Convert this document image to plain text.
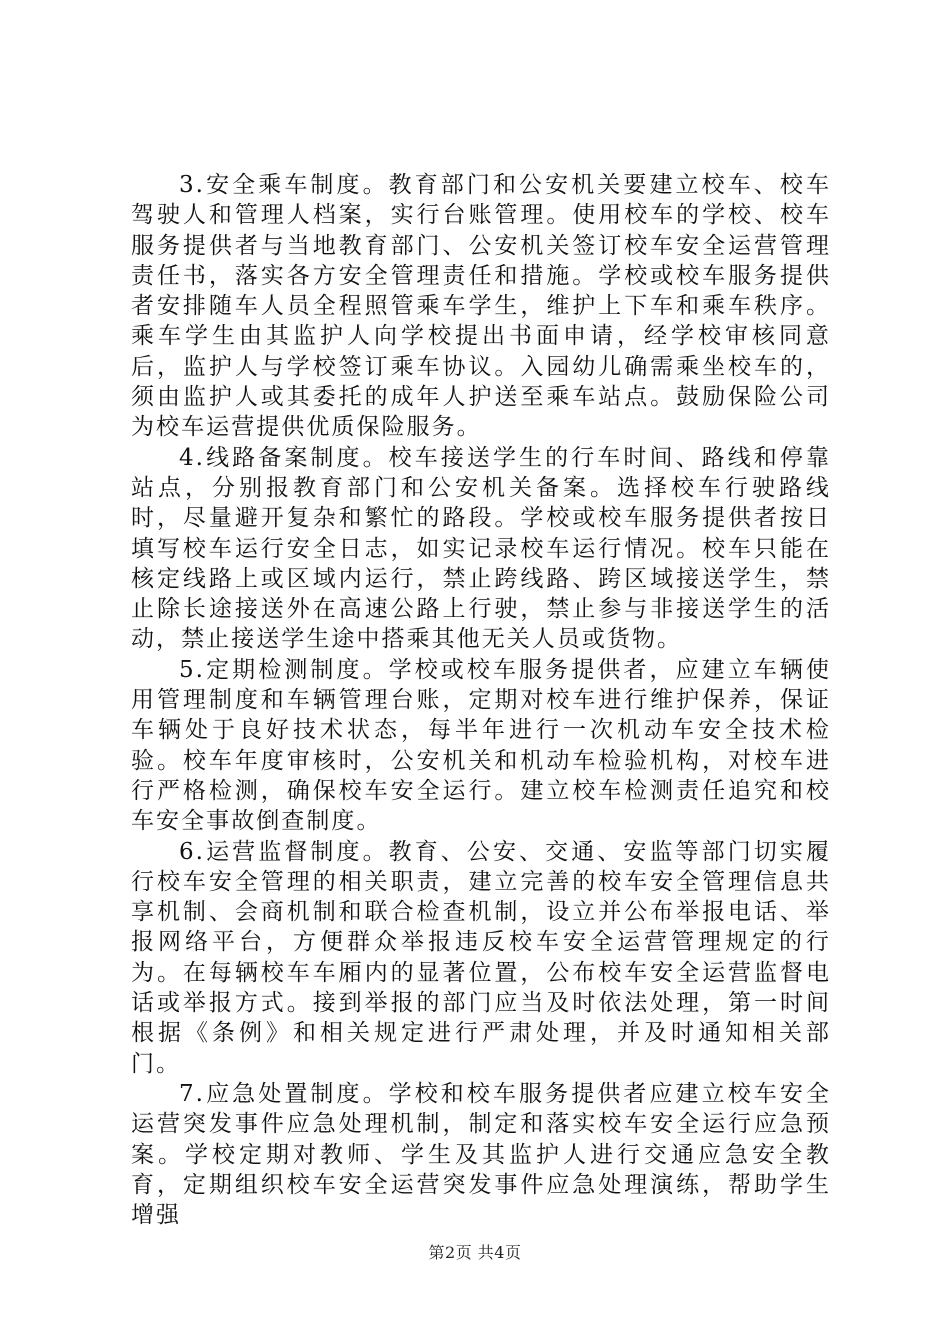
3.安全乘车制度。教育部门和公安机关要建立校车、校车驾驶人和管理人档案，实行台账管理。使用校车的学校、校车服务提供者与当地教育部门、公安机关签订校车安全运营管理责任书，落实各方安全管理责任和措施。学校或校车服务提供者安排随车人员全程照管乘车学生，维护上下车和乘车秩序。乘车学生由其监护人向学校提出书面申请，经学校审核同意后，监护人与学校签订乘车协议。入园幼儿确需乘坐校车的，须由监护人或其委托的成年人护送至乘车站点。鼓励保险公司为校车运营提供优质保险服务。

4.线路备案制度。校车接送学生的行车时间、路线和停靠站点，分别报教育部门和公安机关备案。选择校车行驶路线时，尽量避开复杂和繁忙的路段。学校或校车服务提供者按日填写校车运行安全日志，如实记录校车运行情况。校车只能在核定线路上或区域内运行，禁止跨线路、跨区域接送学生，禁止除长途接送外在高速公路上行驶，禁止参与非接送学生的活动，禁止接送学生途中搭乘其他无关人员或货物。

5.定期检测制度。学校或校车服务提供者，应建立车辆使用管理制度和车辆管理台账，定期对校车进行维护保养，保证车辆处于良好技术状态，每半年进行一次机动车安全技术检验。校车年度审核时，公安机关和机动车检验机构，对校车进行严格检测，确保校车安全运行。建立校车检测责任追究和校车安全事故倒查制度。

6.运营监督制度。教育、公安、交通、安监等部门切实履行校车安全管理的相关职责，建立完善的校车安全管理信息共享机制、会商机制和联合检查机制，设立并公布举报电话、举报网络平台，方便群众举报违反校车安全运营管理规定的行为。在每辆校车车厢内的显著位置，公布校车安全运营监督电话或举报方式。接到举报的部门应当及时依法处理，第一时间根据《条例》和相关规定进行严肃处理，并及时通知相关部门。

7.应急处置制度。学校和校车服务提供者应建立校车安全运营突发事件应急处理机制，制定和落实校车安全运行应急预案。学校定期对教师、学生及其监护人进行交通应急安全教育，定期组织校车安全运营突发事件应急处理演练，帮助学生增强

第2页 共4页
